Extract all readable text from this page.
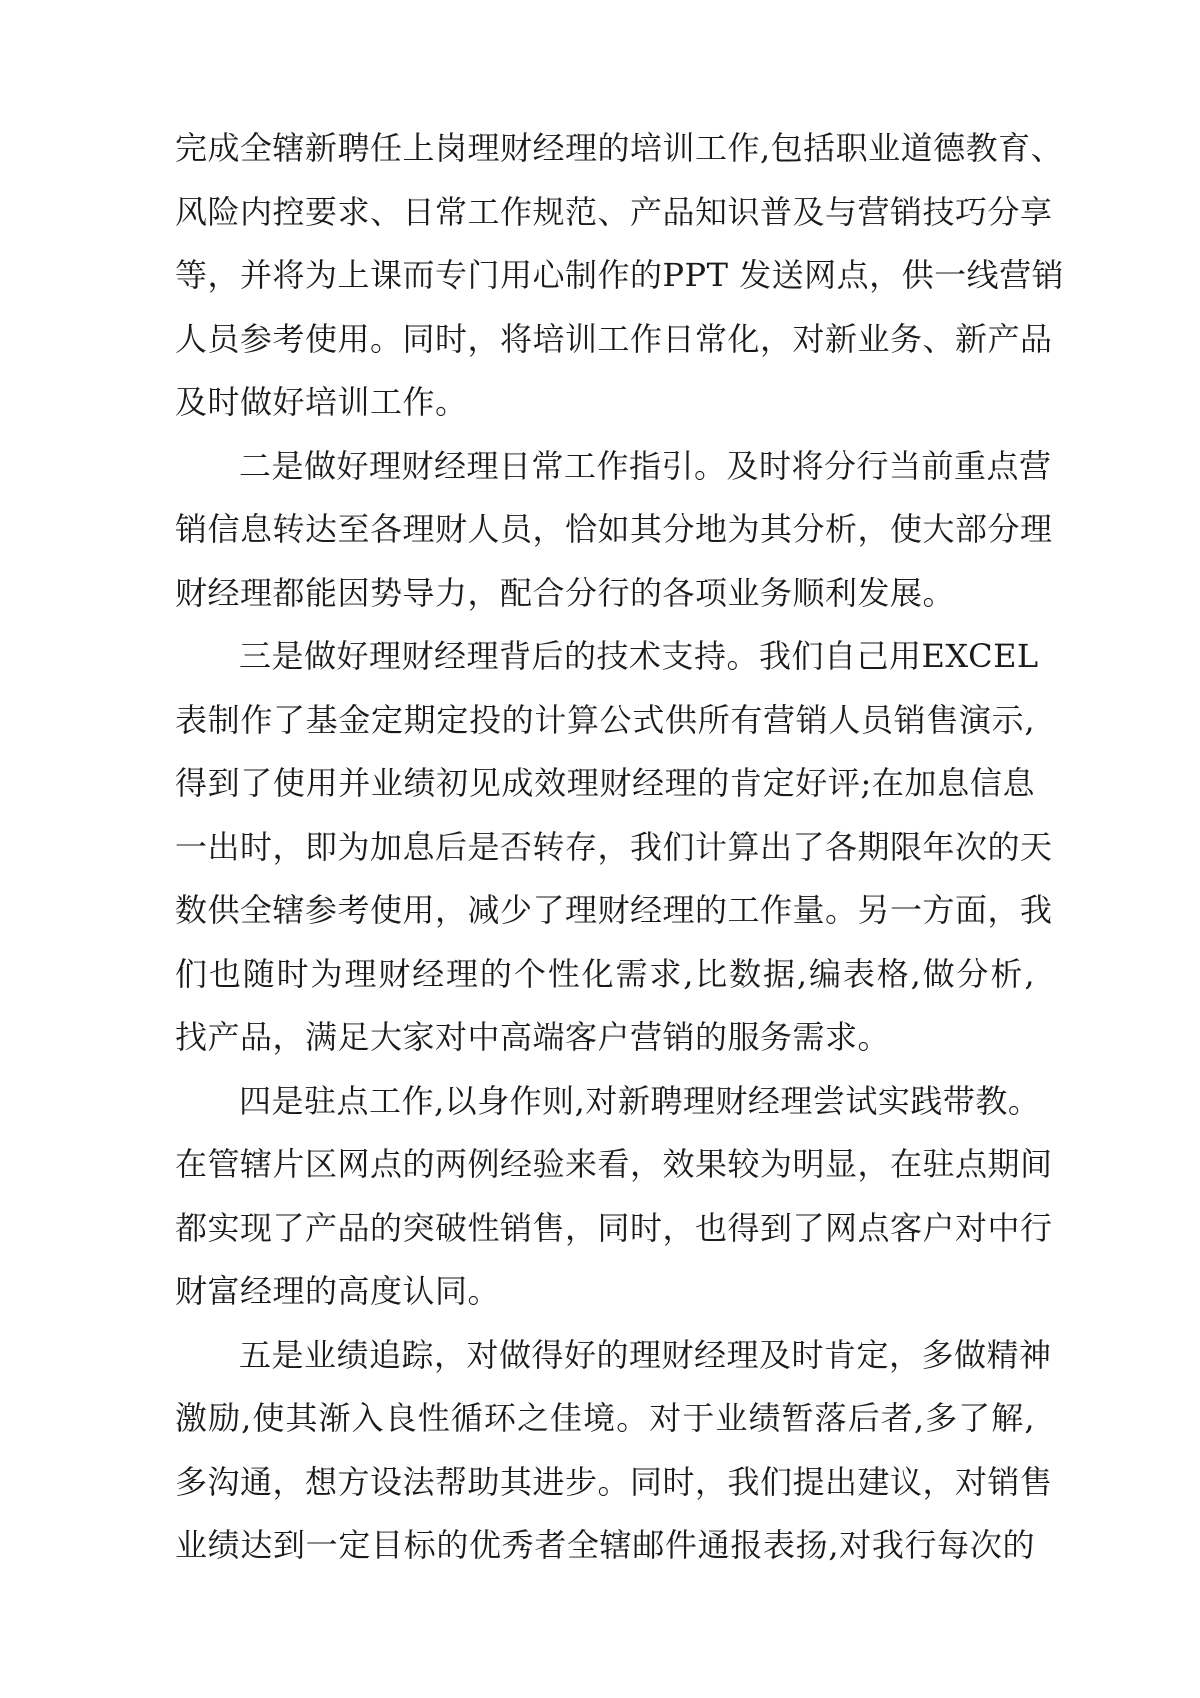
完成全辖新聘任上岗理财经理的培训工作,包括职业道德教育、
风险内控要求、日常工作规范、产品知识普及与营销技巧分享
等，并将为上课而专门用心制作的PPT 发送网点，供一线营销
人员参考使用。同时，将培训工作日常化，对新业务、新产品
及时做好培训工作。
二是做好理财经理日常工作指引。及时将分行当前重点营
销信息转达至各理财人员，恰如其分地为其分析，使大部分理
财经理都能因势导力，配合分行的各项业务顺利发展。
三是做好理财经理背后的技术支持。我们自己用EXCEL
表制作了基金定期定投的计算公式供所有营销人员销售演示,
得到了使用并业绩初见成效理财经理的肯定好评;在加息信息
一出时，即为加息后是否转存，我们计算出了各期限年次的天
数供全辖参考使用，减少了理财经理的工作量。另一方面，我
们也随时为理财经理的个性化需求,比数据,编表格,做分析,
找产品，满足大家对中高端客户营销的服务需求。
四是驻点工作,以身作则,对新聘理财经理尝试实践带教。
在管辖片区网点的两例经验来看，效果较为明显，在驻点期间
都实现了产品的突破性销售，同时，也得到了网点客户对中行
财富经理的高度认同。
五是业绩追踪，对做得好的理财经理及时肯定，多做精神
激励,使其渐入良性循环之佳境。对于业绩暂落后者,多了解,
多沟通，想方设法帮助其进步。同时，我们提出建议，对销售
业绩达到一定目标的优秀者全辖邮件通报表扬,对我行每次的
